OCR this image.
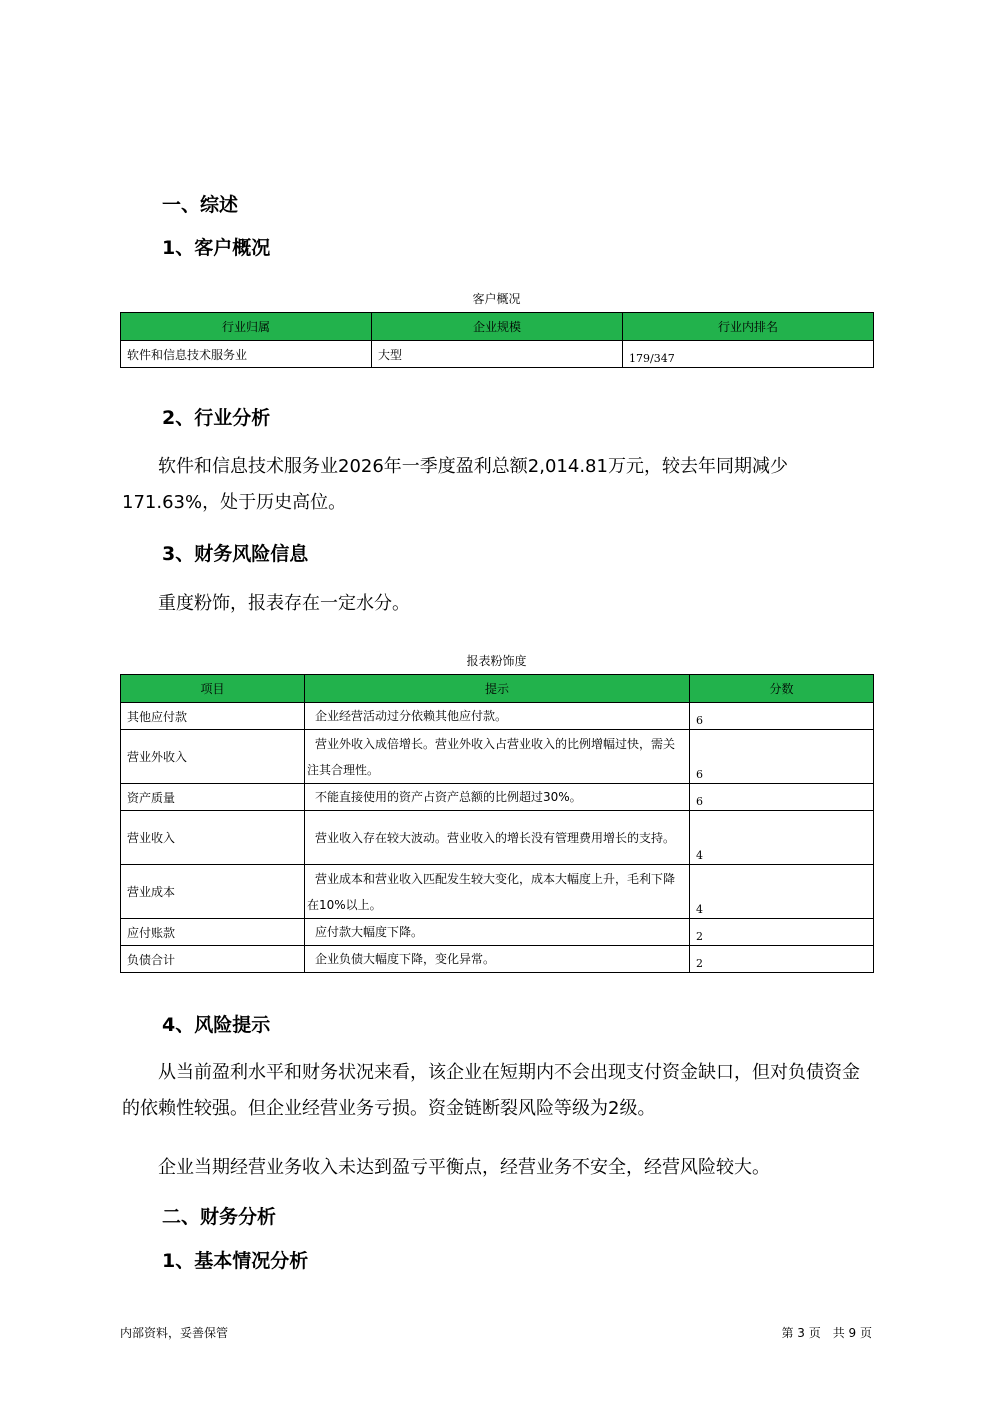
一、综述
1、客户概况
客户概况
行业归属	企业规模	行业内排名
软件和信息技术服务业	大型	179/347
2、行业分析

软件和信息技术服务业2026年一季度盈利总额2,014.81万元，较去年同期减少171.63%，处于历史高位。

3、财务风险信息

重度粉饰，报表存在一定水分。

报表粉饰度
项目	提示	分数
其他应付款	企业经营活动过分依赖其他应付款。	6
营业外收入	营业外收入成倍增长。营业外收入占营业收入的比例增幅过快，需关注其合理性。	6
资产质量	不能直接使用的资产占资产总额的比例超过30%。	6
营业收入	营业收入存在较大波动。营业收入的增长没有管理费用增长的支持。	4
营业成本	营业成本和营业收入匹配发生较大变化，成本大幅度上升，毛利下降在10%以上。	4
应付账款	应付款大幅度下降。	2
负债合计	企业负债大幅度下降，变化异常。	2
4、风险提示

从当前盈利水平和财务状况来看，该企业在短期内不会出现支付资金缺口，但对负债资金的依赖性较强。但企业经营业务亏损。资金链断裂风险等级为2级。

企业当期经营业务收入未达到盈亏平衡点，经营业务不安全，经营风险较大。

二、财务分析
1、基本情况分析
内部资料，妥善保管	第 3 页　共 9 页
